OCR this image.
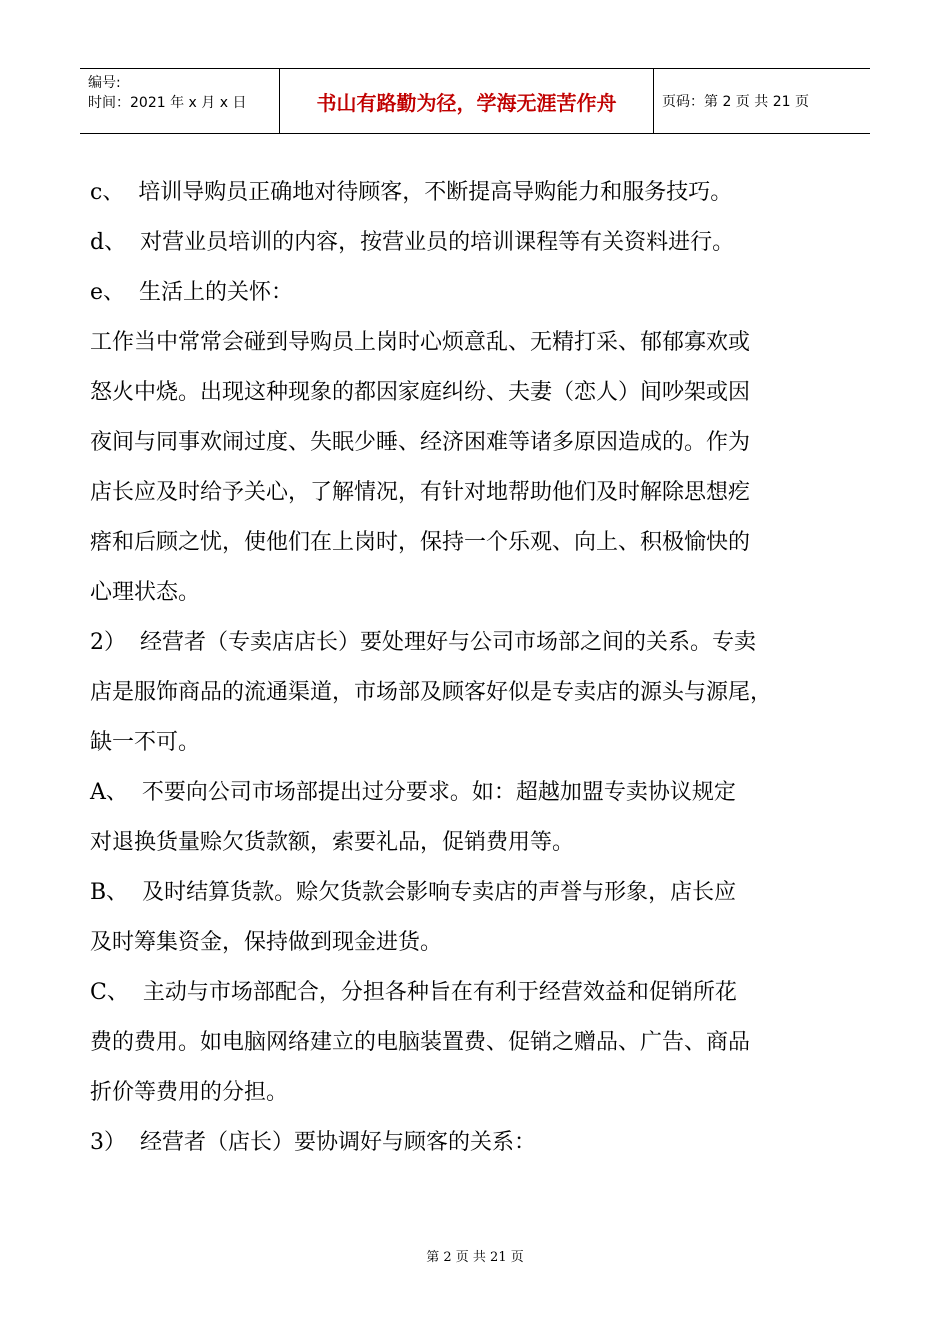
编号:
时间：2021 年 x 月 x 日	书山有路勤为径，学海无涯苦作舟	页码：第 2 页 共 21 页
c、  培训导购员正确地对待顾客，不断提高导购能力和服务技巧。
d、  对营业员培训的内容，按营业员的培训课程等有关资料进行。
e、  生活上的关怀：
工作当中常常会碰到导购员上岗时心烦意乱、无精打采、郁郁寡欢或
怒火中烧。出现这种现象的都因家庭纠纷、夫妻（恋人）间吵架或因
夜间与同事欢闹过度、失眠少睡、经济困难等诸多原因造成的。作为
店长应及时给予关心，了解情况，有针对地帮助他们及时解除思想疙
瘩和后顾之忧，使他们在上岗时，保持一个乐观、向上、积极愉快的
心理状态。
2）  经营者（专卖店店长）要处理好与公司市场部之间的关系。专卖
店是服饰商品的流通渠道，市场部及顾客好似是专卖店的源头与源尾，
缺一不可。
A、  不要向公司市场部提出过分要求。如：超越加盟专卖协议规定
对退换货量赊欠货款额，索要礼品，促销费用等。
B、  及时结算货款。赊欠货款会影响专卖店的声誉与形象，店长应
及时筹集资金，保持做到现金进货。
C、  主动与市场部配合，分担各种旨在有利于经营效益和促销所花
费的费用。如电脑网络建立的电脑装置费、促销之赠品、广告、商品
折价等费用的分担。
3）  经营者（店长）要协调好与顾客的关系：
第 2 页 共 21 页
